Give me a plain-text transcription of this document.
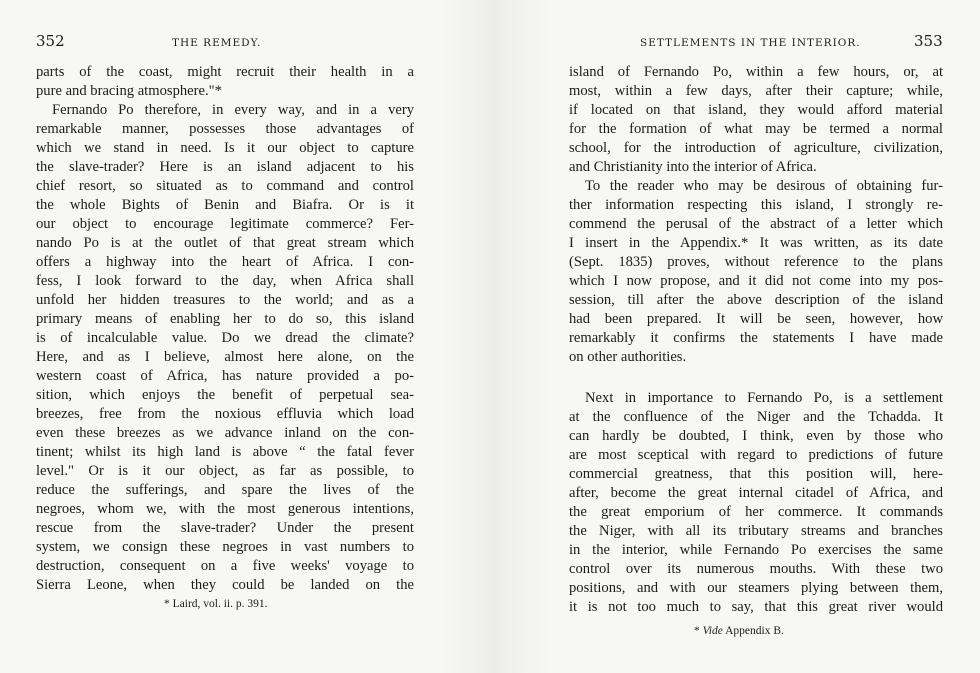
352	THE REMEDY.	SETTLEMENTS IN THE INTERIOR.	353
parts of the coast, might recruit their health in a
pure and bracing atmosphere."*
Fernando Po therefore, in every way, and in a very
remarkable manner, possesses those advantages of
which we stand in need. Is it our object to capture
the slave-trader? Here is an island adjacent to his
chief resort, so situated as to command and control
the whole Bights of Benin and Biafra. Or is it
our object to encourage legitimate commerce? Fer-
nando Po is at the outlet of that great stream which
offers a highway into the heart of Africa. I con-
fess, I look forward to the day, when Africa shall
unfold her hidden treasures to the world; and as a
primary means of enabling her to do so, this island
is of incalculable value. Do we dread the climate?
Here, and as I believe, almost here alone, on the
western coast of Africa, has nature provided a po-
sition, which enjoys the benefit of perpetual sea-
breezes, free from the noxious effluvia which load
even these breezes as we advance inland on the con-
tinent; whilst its high land is above “ the fatal fever
level." Or is it our object, as far as possible, to
reduce the sufferings, and spare the lives of the
negroes, whom we, with the most generous intentions,
rescue from the slave-trader? Under the present
system, we consign these negroes in vast numbers to
destruction, consequent on a five weeks' voyage to
Sierra Leone, when they could be landed on the
* Laird, vol. ii. p. 391.
island of Fernando Po, within a few hours, or, at
most, within a few days, after their capture; while,
if located on that island, they would afford material
for the formation of what may be termed a normal
school, for the introduction of agriculture, civilization,
and Christianity into the interior of Africa.
To the reader who may be desirous of obtaining fur-
ther information respecting this island, I strongly re-
commend the perusal of the abstract of a letter which
I insert in the Appendix.* It was written, as its date
(Sept. 1835) proves, without reference to the plans
which I now propose, and it did not come into my pos-
session, till after the above description of the island
had been prepared. It will be seen, however, how
remarkably it confirms the statements I have made
on other authorities.
Next in importance to Fernando Po, is a settlement
at the confluence of the Niger and the Tchadda. It
can hardly be doubted, I think, even by those who
are most sceptical with regard to predictions of future
commercial greatness, that this position will, here-
after, become the great internal citadel of Africa, and
the great emporium of her commerce. It commands
the Niger, with all its tributary streams and branches
in the interior, while Fernando Po exercises the same
control over its numerous mouths. With these two
positions, and with our steamers plying between them,
it is not too much to say, that this great river would
* Vide Appendix B.
